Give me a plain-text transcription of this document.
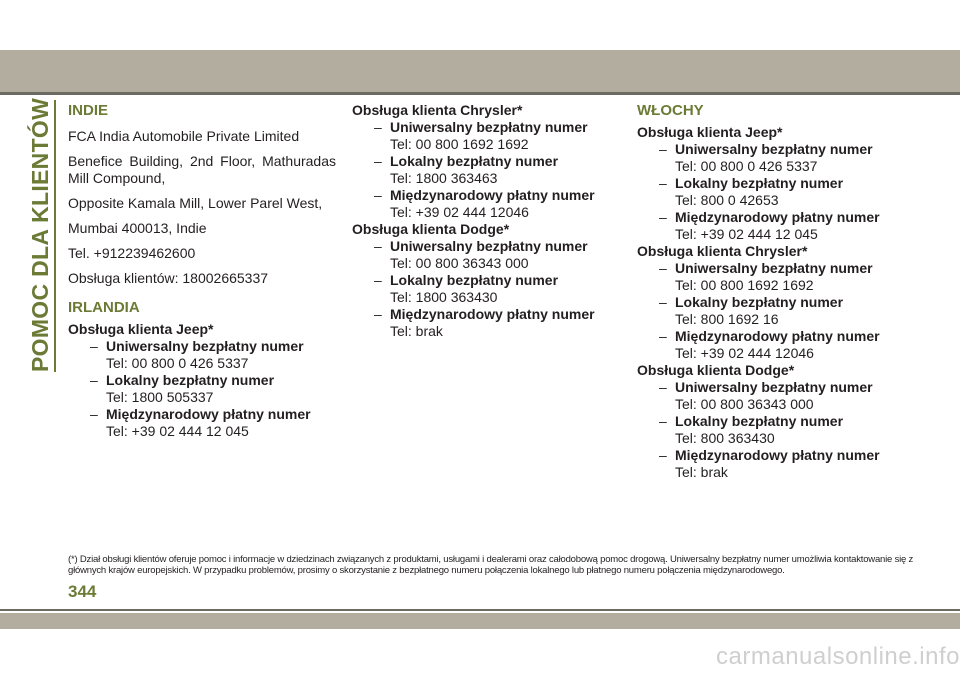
POMOC DLA KLIENTÓW INDIE

FCA India Automobile Private Limited

Benefice Building, 2nd Floor, Mathuradas Mill Compound,

Opposite Kamala Mill, Lower Parel West,

Mumbai 400013, Indie

Tel. +912239462600

Obsługa klientów: 18002665337

IRLANDIA

Obsługa klienta Jeep*

– Uniwersalny bezpłatny numer
Tel: 00 800 0 426 5337
– Lokalny bezpłatny numer
Tel: 1800 505337
– Międzynarodowy płatny numer
Tel: +39 02 444 12 045

Obsługa klienta Chrysler*

– Uniwersalny bezpłatny numer
Tel: 00 800 1692 1692
– Lokalny bezpłatny numer
Tel: 1800 363463
– Międzynarodowy płatny numer
Tel: +39 02 444 12046

Obsługa klienta Dodge*

– Uniwersalny bezpłatny numer
Tel: 00 800 36343 000
– Lokalny bezpłatny numer
Tel: 1800 363430
– Międzynarodowy płatny numer
Tel: brak
WŁOCHY

Obsługa klienta Jeep*

– Uniwersalny bezpłatny numer
Tel: 00 800 0 426 5337
– Lokalny bezpłatny numer
Tel: 800 0 42653
– Międzynarodowy płatny numer
Tel: +39 02 444 12 045

Obsługa klienta Chrysler*

– Uniwersalny bezpłatny numer
Tel: 00 800 1692 1692
– Lokalny bezpłatny numer
Tel: 800 1692 16
– Międzynarodowy płatny numer
Tel: +39 02 444 12046

Obsługa klienta Dodge*

– Uniwersalny bezpłatny numer
Tel: 00 800 36343 000
– Lokalny bezpłatny numer
Tel: 800 363430
– Międzynarodowy płatny numer
Tel: brak
(*) Dział obsługi klientów oferuje pomoc i informacje w dziedzinach związanych z produktami, usługami i dealerami oraz całodobową pomoc drogową. Uniwersalny bezpłatny numer umożliwia kontaktowanie się z głównych krajów europejskich. W przypadku problemów, prosimy o skorzystanie z bezpłatnego numeru połączenia lokalnego lub płatnego numeru połączenia międzynarodowego.
344
carmanualsonline.info
